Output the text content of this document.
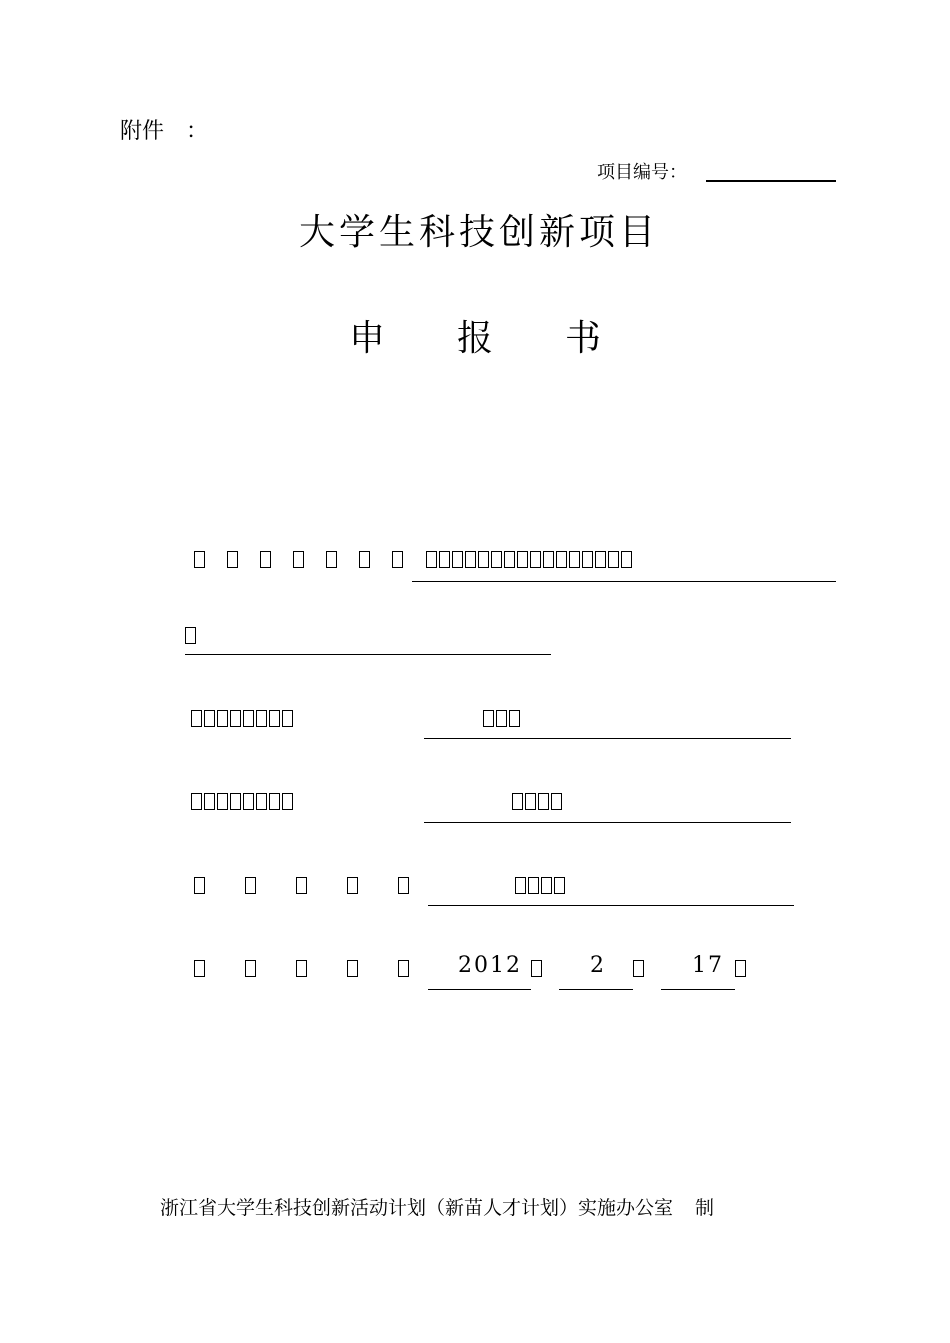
附件 ：
项目编号：
大学生科技创新项目
申　　报　　书
2012	2	17
浙江省大学生科技创新活动计划（新苗人才计划）实施办公室 制
